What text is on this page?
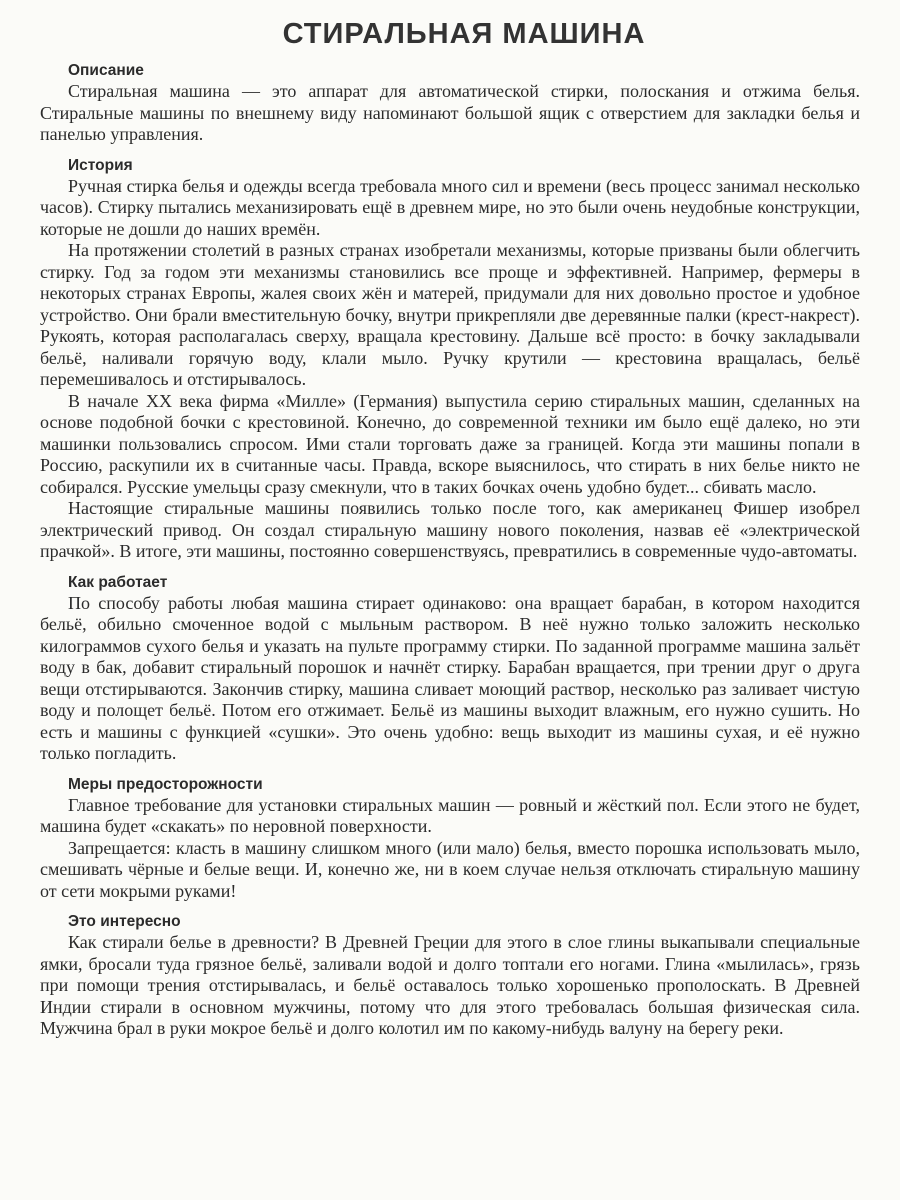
СТИРАЛЬНАЯ МАШИНА
Описание

Стиральная машина — это аппарат для автоматической стирки, полоскания и отжима белья. Стиральные машины по внешнему виду напоминают большой ящик с отверстием для закладки белья и панелью управления.

История

Ручная стирка белья и одежды всегда требовала много сил и времени (весь процесс занимал несколько часов). Стирку пытались механизировать ещё в древнем мире, но это были очень неудобные конструкции, которые не дошли до наших времён.

На протяжении столетий в разных странах изобретали механизмы, которые призваны были облегчить стирку. Год за годом эти механизмы становились все проще и эффективней. Например, фермеры в некоторых странах Европы, жалея своих жён и матерей, придумали для них довольно простое и удобное устройство. Они брали вместительную бочку, внутри прикрепляли две деревянные палки (крест-накрест). Рукоять, которая располагалась сверху, вращала крестовину. Дальше всё просто: в бочку закладывали бельё, наливали горячую воду, клали мыло. Ручку крутили — крестовина вращалась, бельё перемешивалось и отстирывалось.

В начале XX века фирма «Милле» (Германия) выпустила серию стиральных машин, сделанных на основе подобной бочки с крестовиной. Конечно, до современной техники им было ещё далеко, но эти машинки пользовались спросом. Ими стали торговать даже за границей. Когда эти машины попали в Россию, раскупили их в считанные часы. Правда, вскоре выяснилось, что стирать в них белье никто не собирался. Русские умельцы сразу смекнули, что в таких бочках очень удобно будет... сбивать масло.

Настоящие стиральные машины появились только после того, как американец Фишер изобрел электрический привод. Он создал стиральную машину нового поколения, назвав её «электрической прачкой». В итоге, эти машины, постоянно совершенствуясь, превратились в современные чудо-автоматы.

Как работает

По способу работы любая машина стирает одинаково: она вращает барабан, в котором находится бельё, обильно смоченное водой с мыльным раствором. В неё нужно только заложить несколько килограммов сухого белья и указать на пульте программу стирки. По заданной программе машина зальёт воду в бак, добавит стиральный порошок и начнёт стирку. Барабан вращается, при трении друг о друга вещи отстирываются. Закончив стирку, машина сливает моющий раствор, несколько раз заливает чистую воду и полощет бельё. Потом его отжимает. Бельё из машины выходит влажным, его нужно сушить. Но есть и машины с функцией «сушки». Это очень удобно: вещь выходит из машины сухая, и её нужно только погладить.

Меры предосторожности

Главное требование для установки стиральных машин — ровный и жёсткий пол. Если этого не будет, машина будет «скакать» по неровной поверхности.

Запрещается: класть в машину слишком много (или мало) белья, вместо порошка использовать мыло, смешивать чёрные и белые вещи. И, конечно же, ни в коем случае нельзя отключать стиральную машину от сети мокрыми руками!

Это интересно

Как стирали белье в древности? В Древней Греции для этого в слое глины выкапывали специальные ямки, бросали туда грязное бельё, заливали водой и долго топтали его ногами. Глина «мылилась», грязь при помощи трения отстирывалась, и бельё оставалось только хорошенько прополоскать. В Древней Индии стирали в основном мужчины, потому что для этого требовалась большая физическая сила. Мужчина брал в руки мокрое бельё и долго колотил им по какому-нибудь валуну на берегу реки.
